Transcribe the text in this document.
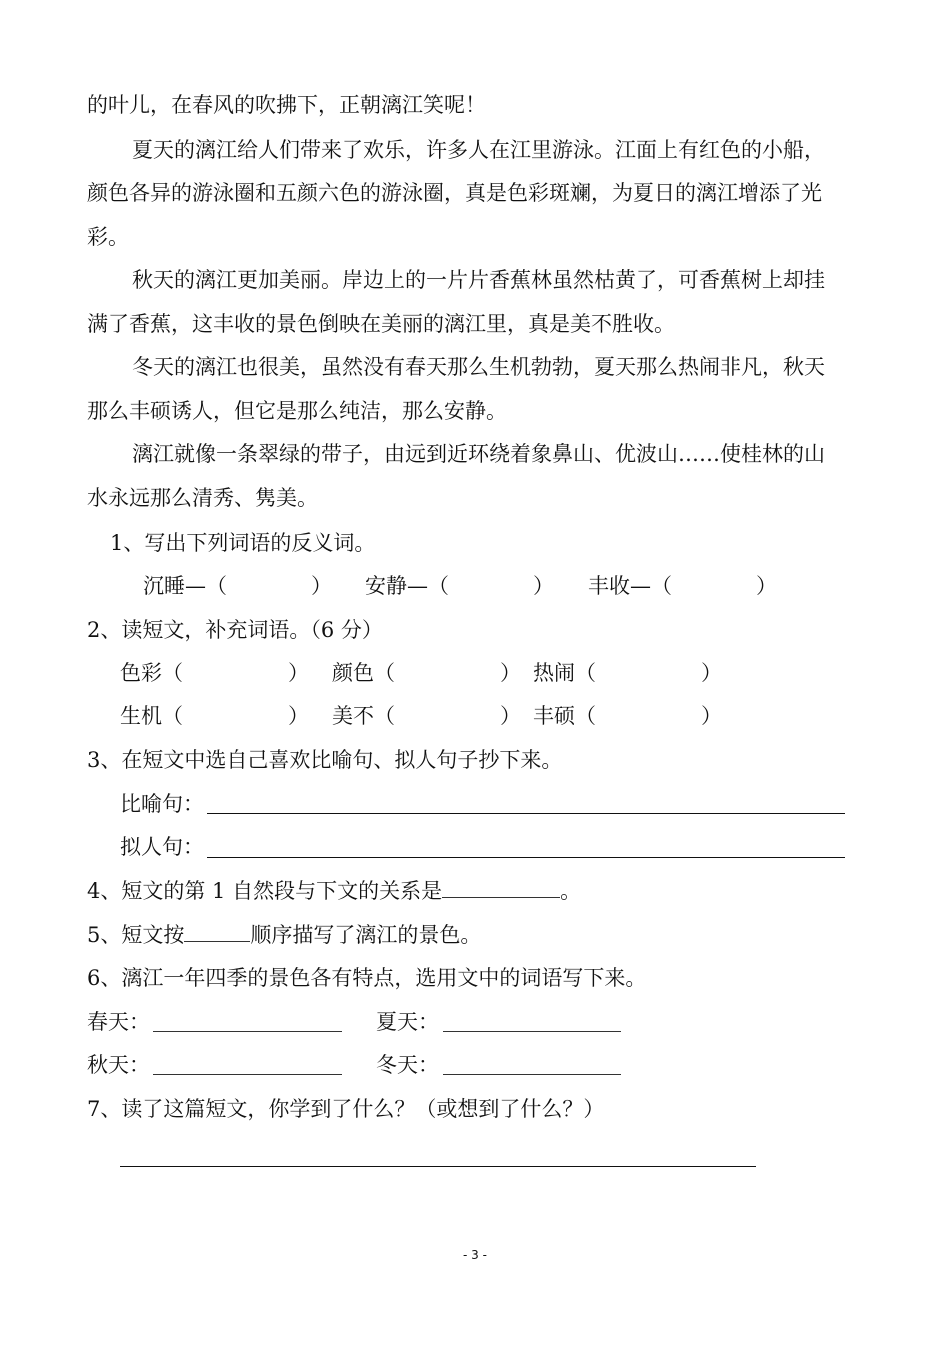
的叶儿，在春风的吹拂下，正朝漓江笑呢！
夏天的漓江给人们带来了欢乐，许多人在江里游泳。江面上有红色的小船，
颜色各异的游泳圈和五颜六色的游泳圈，真是色彩斑斓，为夏日的漓江增添了光
彩。
秋天的漓江更加美丽。岸边上的一片片香蕉林虽然枯黄了，可香蕉树上却挂
满了香蕉，这丰收的景色倒映在美丽的漓江里，真是美不胜收。
冬天的漓江也很美，虽然没有春天那么生机勃勃，夏天那么热闹非凡，秋天
那么丰硕诱人，但它是那么纯洁，那么安静。
漓江就像一条翠绿的带子，由远到近环绕着象鼻山、优波山……使桂林的山
水永远那么清秀、隽美。
1、写出下列词语的反义词。
沉睡—（　　　　） 安静—（　　　　） 丰收—（　　　　）
2、读短文，补充词语。（6 分）
色彩（　　　　　） 颜色（　　　　　） 热闹（　　　　　）
生机（　　　　　） 美不（　　　　　） 丰硕（　　　　　）
3、在短文中选自己喜欢比喻句、拟人句子抄下来。
比喻句：
拟人句：
4、短文的第 1 自然段与下文的关系是	。
5、短文按	顺序描写了漓江的景色。
6、漓江一年四季的景色各有特点，选用文中的词语写下来。
春天：	夏天：
秋天：	冬天：
7、读了这篇短文，你学到了什么？（或想到了什么？）
- 3 -
